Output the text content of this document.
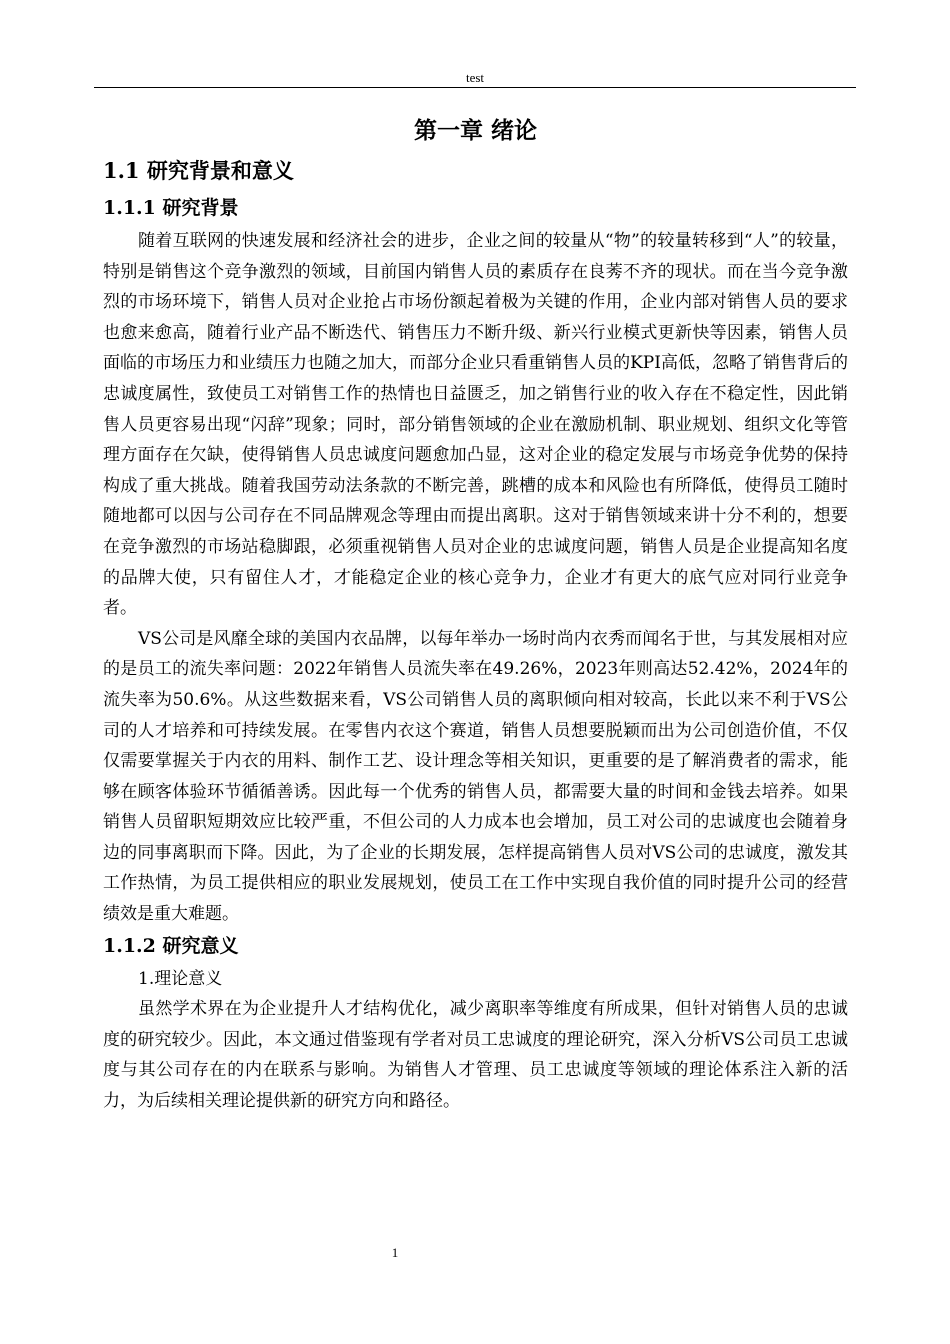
test
第一章 绪论
1.1 研究背景和意义
1.1.1 研究背景

随着互联网的快速发展和经济社会的进步，企业之间的较量从“物”的较量转移到“人”的较量，特别是销售这个竞争激烈的领域，目前国内销售人员的素质存在良莠不齐的现状。而在当今竞争激烈的市场环境下，销售人员对企业抢占市场份额起着极为关键的作用，企业内部对销售人员的要求也愈来愈高，随着行业产品不断迭代、销售压力不断升级、新兴行业模式更新快等因素，销售人员面临的市场压力和业绩压力也随之加大，而部分企业只看重销售人员的KPI高低，忽略了销售背后的忠诚度属性，致使员工对销售工作的热情也日益匮乏，加之销售行业的收入存在不稳定性，因此销售人员更容易出现“闪辞”现象；同时，部分销售领域的企业在激励机制、职业规划、组织文化等管理方面存在欠缺，使得销售人员忠诚度问题愈加凸显，这对企业的稳定发展与市场竞争优势的保持构成了重大挑战。随着我国劳动法条款的不断完善，跳槽的成本和风险也有所降低，使得员工随时随地都可以因与公司存在不同品牌观念等理由而提出离职。这对于销售领域来讲十分不利的，想要在竞争激烈的市场站稳脚跟，必须重视销售人员对企业的忠诚度问题，销售人员是企业提高知名度的品牌大使，只有留住人才，才能稳定企业的核心竞争力，企业才有更大的底气应对同行业竞争者。

VS公司是风靡全球的美国内衣品牌，以每年举办一场时尚内衣秀而闻名于世，与其发展相对应的是员工的流失率问题：2022年销售人员流失率在49.26%，2023年则高达52.42%，2024年的流失率为50.6%。从这些数据来看，VS公司销售人员的离职倾向相对较高，长此以来不利于VS公司的人才培养和可持续发展。在零售内衣这个赛道，销售人员想要脱颖而出为公司创造价值，不仅仅需要掌握关于内衣的用料、制作工艺、设计理念等相关知识，更重要的是了解消费者的需求，能够在顾客体验环节循循善诱。因此每一个优秀的销售人员，都需要大量的时间和金钱去培养。如果销售人员留职短期效应比较严重，不但公司的人力成本也会增加，员工对公司的忠诚度也会随着身边的同事离职而下降。因此，为了企业的长期发展，怎样提高销售人员对VS公司的忠诚度，激发其工作热情，为员工提供相应的职业发展规划，使员工在工作中实现自我价值的同时提升公司的经营绩效是重大难题。

1.1.2 研究意义

1.理论意义

虽然学术界在为企业提升人才结构优化，减少离职率等维度有所成果，但针对销售人员的忠诚度的研究较少。因此，本文通过借鉴现有学者对员工忠诚度的理论研究，深入分析VS公司员工忠诚度与其公司存在的内在联系与影响。为销售人才管理、员工忠诚度等领域的理论体系注入新的活力，为后续相关理论提供新的研究方向和路径。

1
